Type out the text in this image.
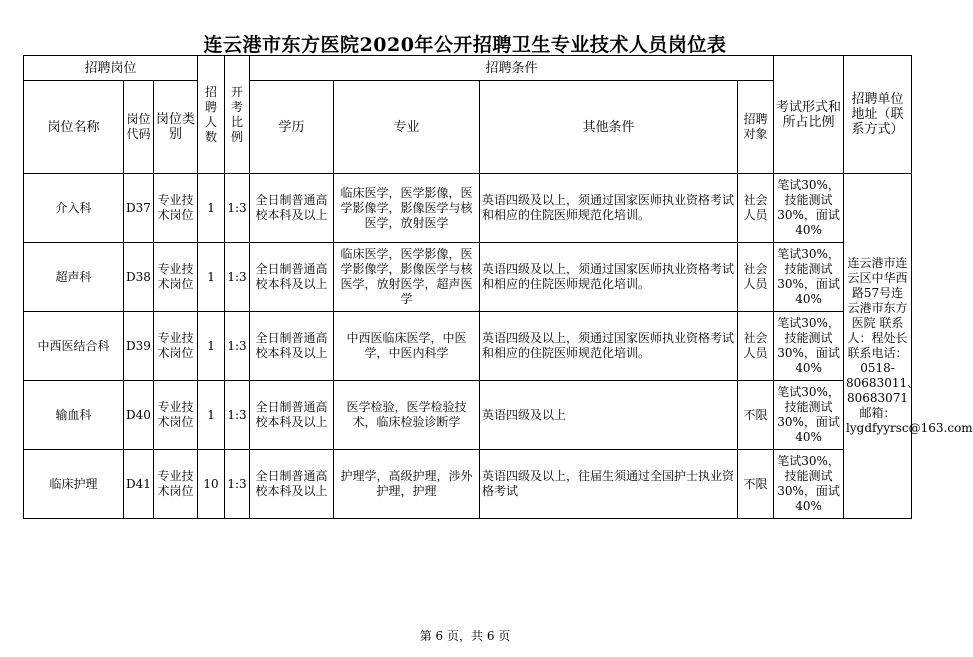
连云港市东方医院2020年公开招聘卫生专业技术人员岗位表
招聘岗位			招聘人数	开考比例	招聘条件				考试形式和所占比例	招聘单位地址（联系方式）
岗位名称	岗位代码	岗位类别			学历	专业	其他条件	招聘对象		
介入科	D37	专业技术岗位	1	1:3	全日制普通高校本科及以上	临床医学，医学影像，医学影像学，影像医学与核医学，放射医学	英语四级及以上，须通过国家医师执业资格考试和相应的住院医师规范化培训。	社会人员	笔试30%，技能测试30%，面试40%	连云港市连云区中华西路57号连云港市东方医院 联系人：程处长 联系电话：0518-80683011、80683071 邮箱：lygdfyyrsc@163.com
超声科	D38	专业技术岗位	1	1:3	全日制普通高校本科及以上	临床医学，医学影像，医学影像学，影像医学与核医学，放射医学，超声医学	英语四级及以上，须通过国家医师执业资格考试和相应的住院医师规范化培训。	社会人员	笔试30%，技能测试30%，面试40%	
中西医结合科	D39	专业技术岗位	1	1:3	全日制普通高校本科及以上	中西医临床医学，中医学，中医内科学	英语四级及以上，须通过国家医师执业资格考试和相应的住院医师规范化培训。	社会人员	笔试30%，技能测试30%，面试40%	
输血科	D40	专业技术岗位	1	1:3	全日制普通高校本科及以上	医学检验，医学检验技术，临床检验诊断学	英语四级及以上	不限	笔试30%，技能测试30%，面试40%	
临床护理	D41	专业技术岗位	10	1:3	全日制普通高校本科及以上	护理学，高级护理，涉外护理，护理	英语四级及以上，往届生须通过全国护士执业资格考试	不限	笔试30%，技能测试30%，面试40%	
第 6 页，共 6 页
